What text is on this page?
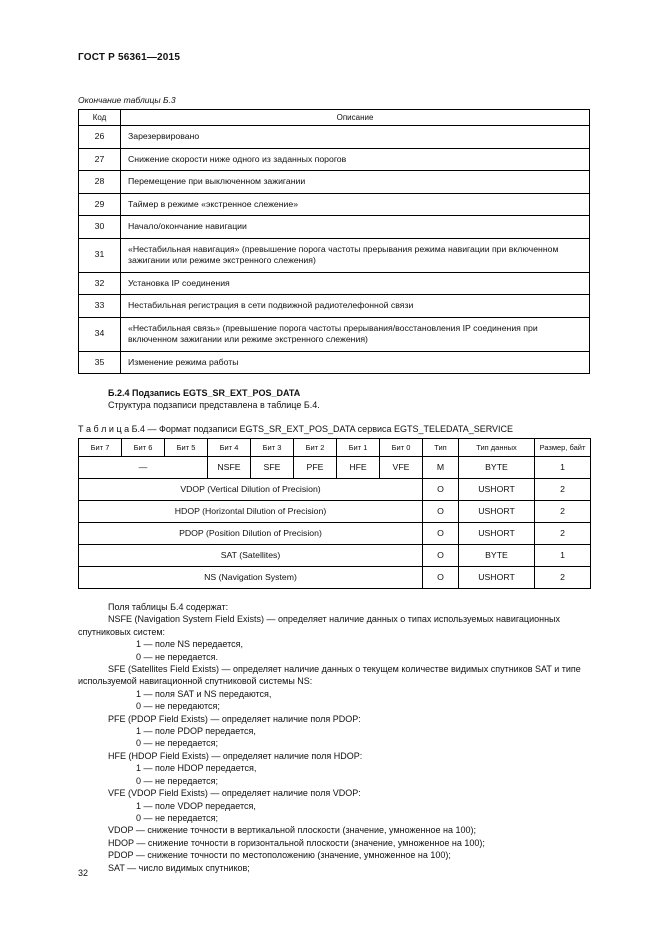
ГОСТ Р 56361—2015
Окончание таблицы Б.3
Код	Описание
26	Зарезервировано
27	Снижение скорости ниже одного из заданных порогов
28	Перемещение при выключенном зажигании
29	Таймер в режиме «экстренное слежение»
30	Начало/окончание навигации
31	«Нестабильная навигация» (превышение порога частоты прерывания режима навигации при включенном зажигании или режиме экстренного слежения)
32	Установка IP соединения
33	Нестабильная регистрация в сети подвижной радиотелефонной связи
34	«Нестабильная связь» (превышение порога частоты прерывания/восстановления IP соединения при включенном зажигании или режиме экстренного слежения)
35	Изменение режима работы
Б.2.4 Подзапись EGTS_SR_EXT_POS_DATA
Структура подзаписи представлена в таблице Б.4.
Т а б л и ц а Б.4 — Формат подзаписи EGTS_SR_EXT_POS_DATA сервиса EGTS_TELEDATA_SERVICE
Бит 7	Бит 6	Бит 5	Бит 4	Бит 3	Бит 2	Бит 1	Бит 0	Тип	Тип данных	Размер, байт
—			NSFE	SFE	PFE	HFE	VFE	М	BYTE	1
VDOP (Vertical Dilution of Precision)								O	USHORT	2
HDOP (Horizontal Dilution of Precision)								O	USHORT	2
PDOP (Position Dilution of Precision)								O	USHORT	2
SAT (Satellites)								O	BYTE	1
NS (Navigation System)								O	USHORT	2
Поля таблицы Б.4 содержат:
NSFE (Navigation System Field Exists) — определяет наличие данных о типах используемых навигационных спутниковых систем:
1 — поле NS передается,
0 — не передается.
SFE (Satellites Field Exists) — определяет наличие данных о текущем количестве видимых спутников SAT и типе используемой навигационной спутниковой системы NS:
1 — поля SAT и NS передаются,
0 — не передаются;
PFE (PDOP Field Exists) — определяет наличие поля PDOP:
1 — поле PDOP передается,
0 — не передается;
HFE (HDOP Field Exists) — определяет наличие поля HDOP:
1 — поле HDOP передается,
0 — не передается;
VFE (VDOP Field Exists) — определяет наличие поля VDOP:
1 — поле VDOP передается,
0 — не передается;
VDOP — снижение точности в вертикальной плоскости (значение, умноженное на 100);
HDOP — снижение точности в горизонтальной плоскости (значение, умноженное на 100);
PDOP — снижение точности по местоположению (значение, умноженное на 100);
SAT — число видимых спутников;
32
